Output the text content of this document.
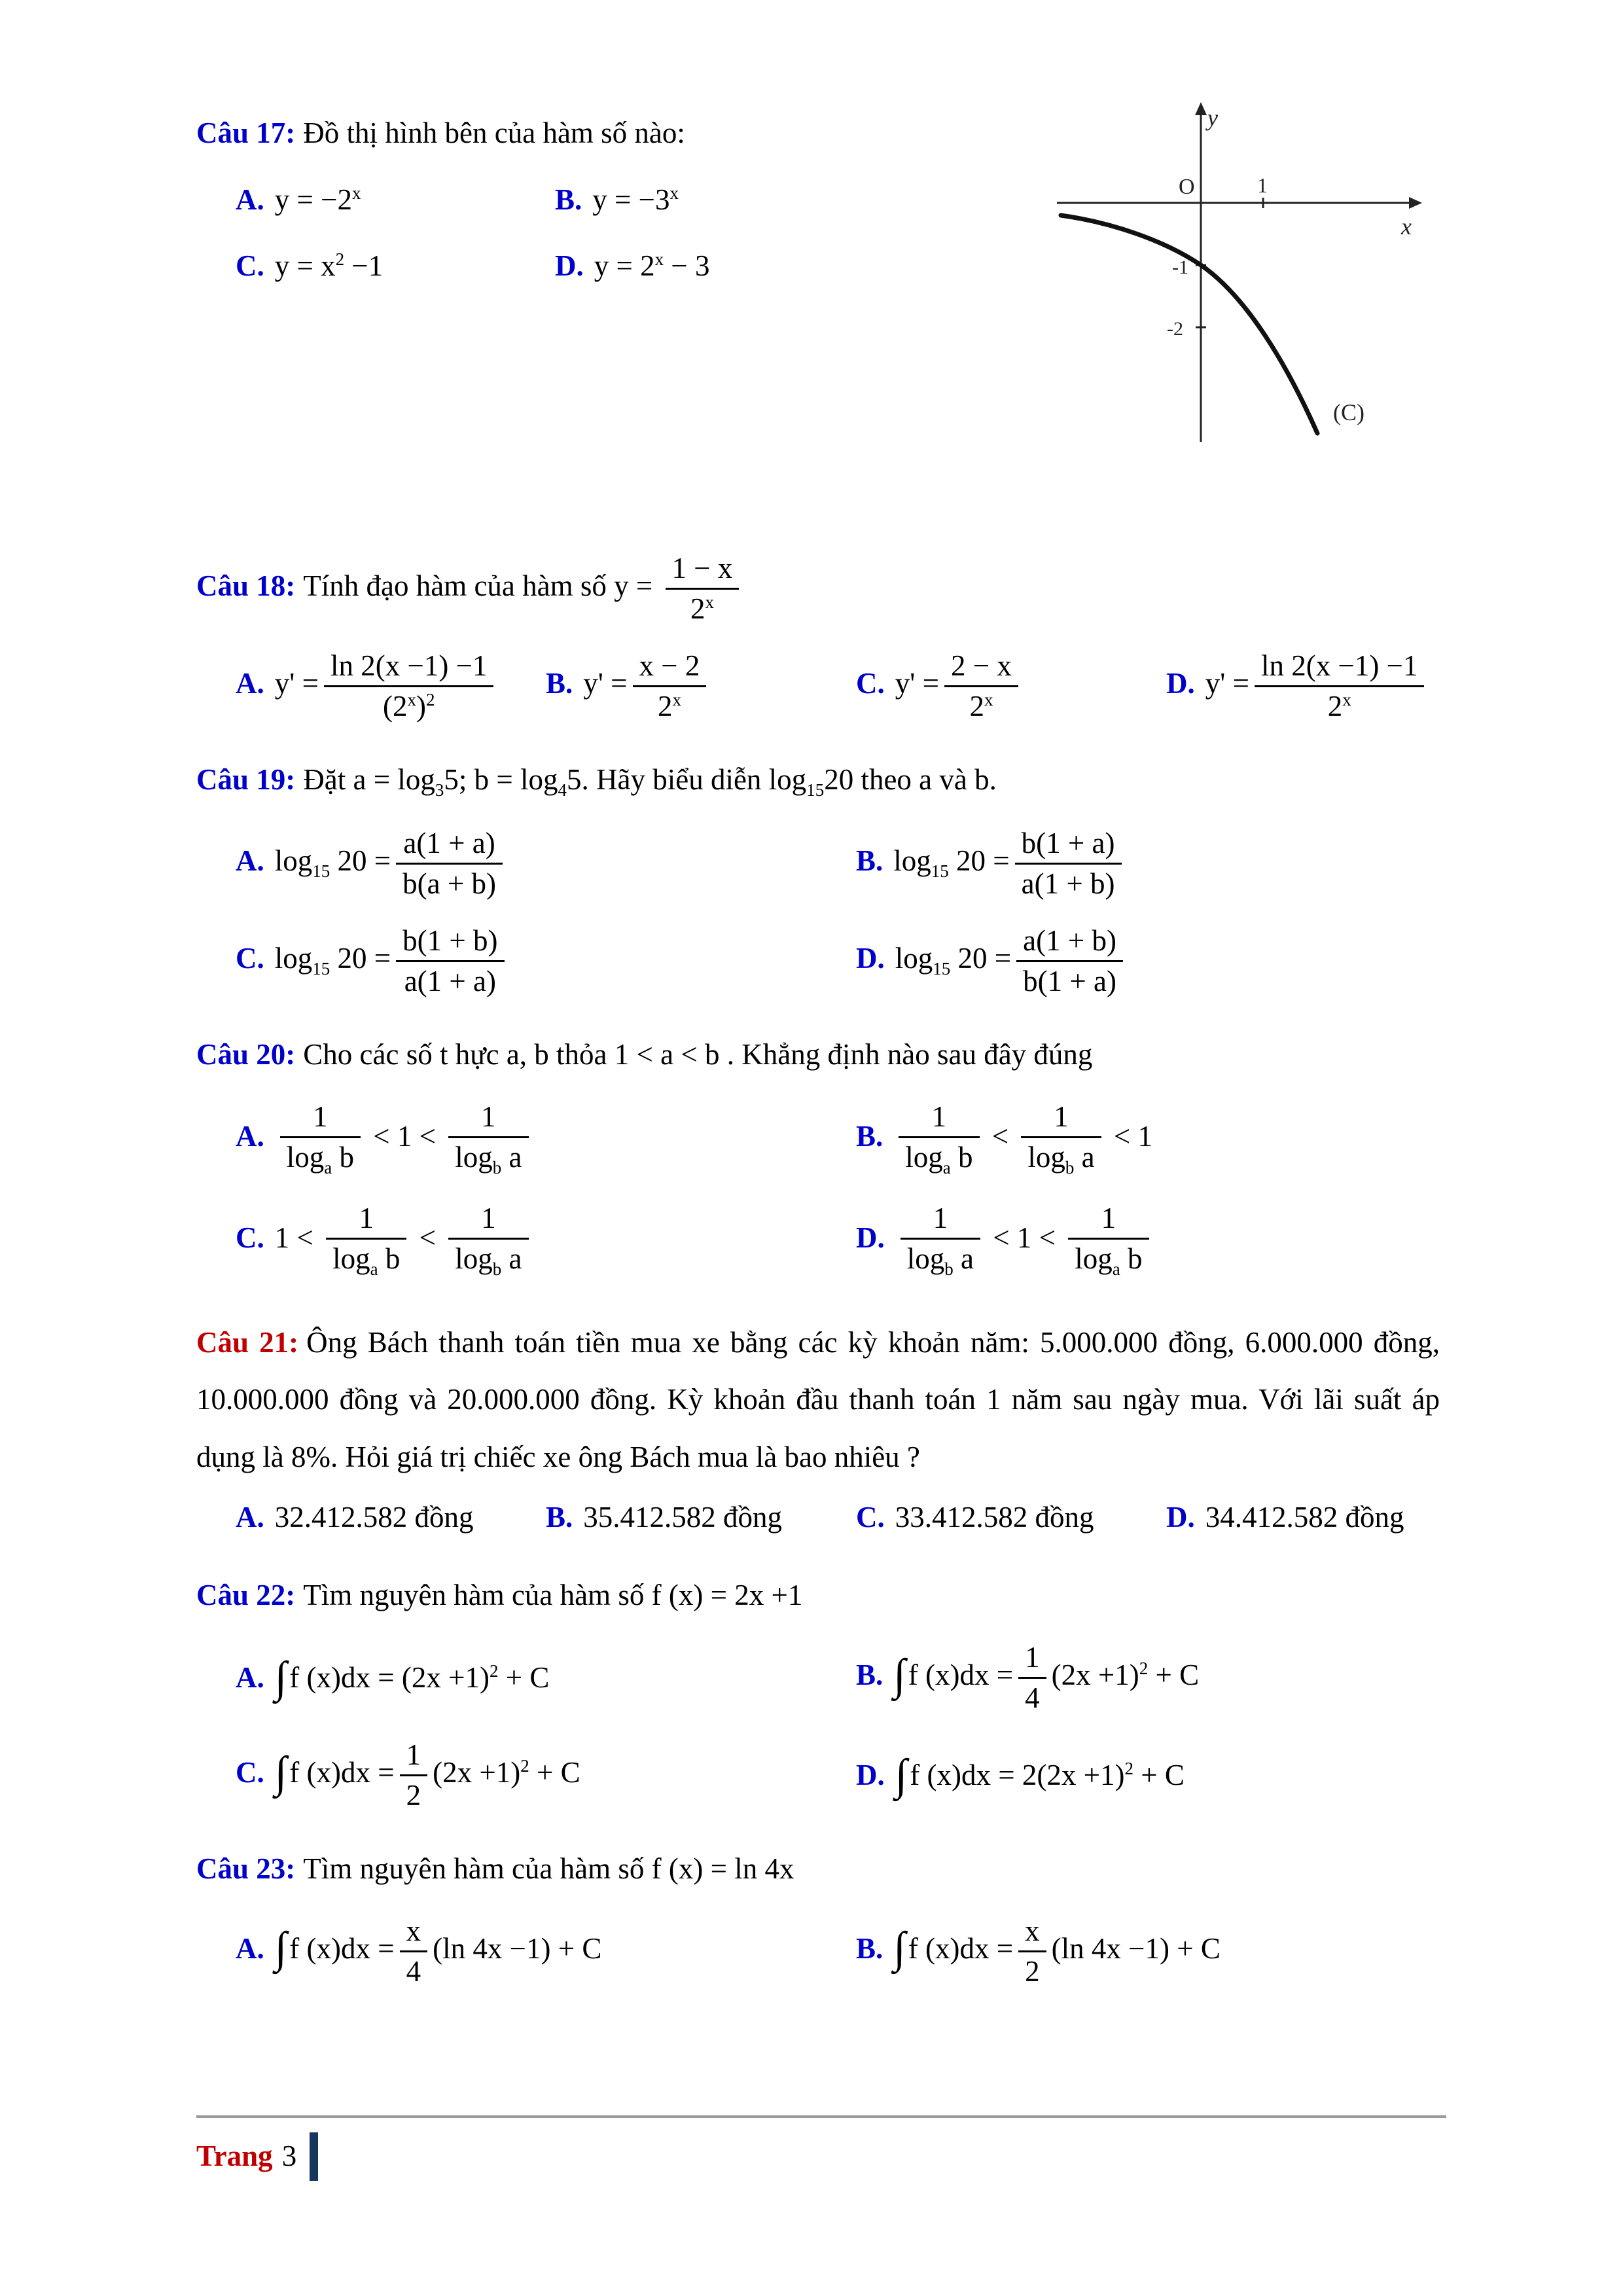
Câu 17: Đồ thị hình bên của hàm số nào:
A. $y = -2^x$	B. $y = -3^x$
C. $y = x^2 -1$	D. $y = 2^x - 3$
y
x
O	1
-1
-2
(C)
Câu 18: Tính đạo hàm của hàm số $y = \frac{1 - x}{2^x}$
A. $y' = \frac{\ln 2(x -1) -1}{(2^x)^2} B$. $y' = \frac{x - 2}{2^x}$	C. $y' = \frac{2 - x}{2^x}$	D. $y' = \frac{\ln 2(x -1) -1}{2^x}$
Câu 19: Đặt $a = \log_35$; $b = \log_45$. Hãy biểu diễn $\log_{15}20$ theo a và b.
A. $\log_{15} 20 = \frac{a(1 + a)}{b(a + b)}$	B. $\log_{15} 20 = \frac{b(1 + a)}{a(1 + b)}$
C. $\log_{15} 20 = \frac{b(1 + b)}{a(1 + a)}$	D. $\log_{15} 20 = \frac{a(1 + b)}{b(1 + a)}$
Câu 20: Cho các số t hực a, b thỏa 1 < a < b . Khẳng định nào sau đây đúng
A. $\frac{1}{\log_a b} < 1 < \frac{1}{\log_b a}$	B. $\frac{1}{\log_a b} < \frac{1}{\log_b a} < 1$
C. $1 < \frac{1}{\log_a b} < \frac{1}{\log_b a}$	D. $\frac{1}{\log_b a} < 1 < \frac{1}{\log_a b}$
Câu 21: Ông Bách thanh toán tiền mua xe bằng các kỳ khoản năm: 5.000.000 đồng, 6.000.000 đồng, 10.000.000 đồng và 20.000.000 đồng. Kỳ khoản đầu thanh toán 1 năm sau ngày mua. Với lãi suất áp dụng là 8%. Hỏi giá trị chiếc xe ông Bách mua là bao nhiêu ?
A. 32.412.582 đồng	B. 35.412.582 đồng	C. 33.412.582 đồng	D. 34.412.582 đồng
Câu 22: Tìm nguyên hàm của hàm số f (x) = 2x +1
A. ∫f $(x)dx = (2x +1)^2 + C$	B. ∫f $(x)dx = \frac{1}{4} (2x +1)^2 + C$
C. ∫f $(x)dx = \frac{1}{2} (2x +1)^2 + C$	D. ∫f $(x)dx = 2(2x +1)^2 + C$
Câu 23: Tìm nguyên hàm của hàm số f (x) = ln 4x
A. ∫f $(x)dx = \frac{x}{4} (\ln$ 4x −1) + C	B. ∫f $(x)dx = \frac{x}{2} (\ln$ 4x −1) + C
Trang 3
